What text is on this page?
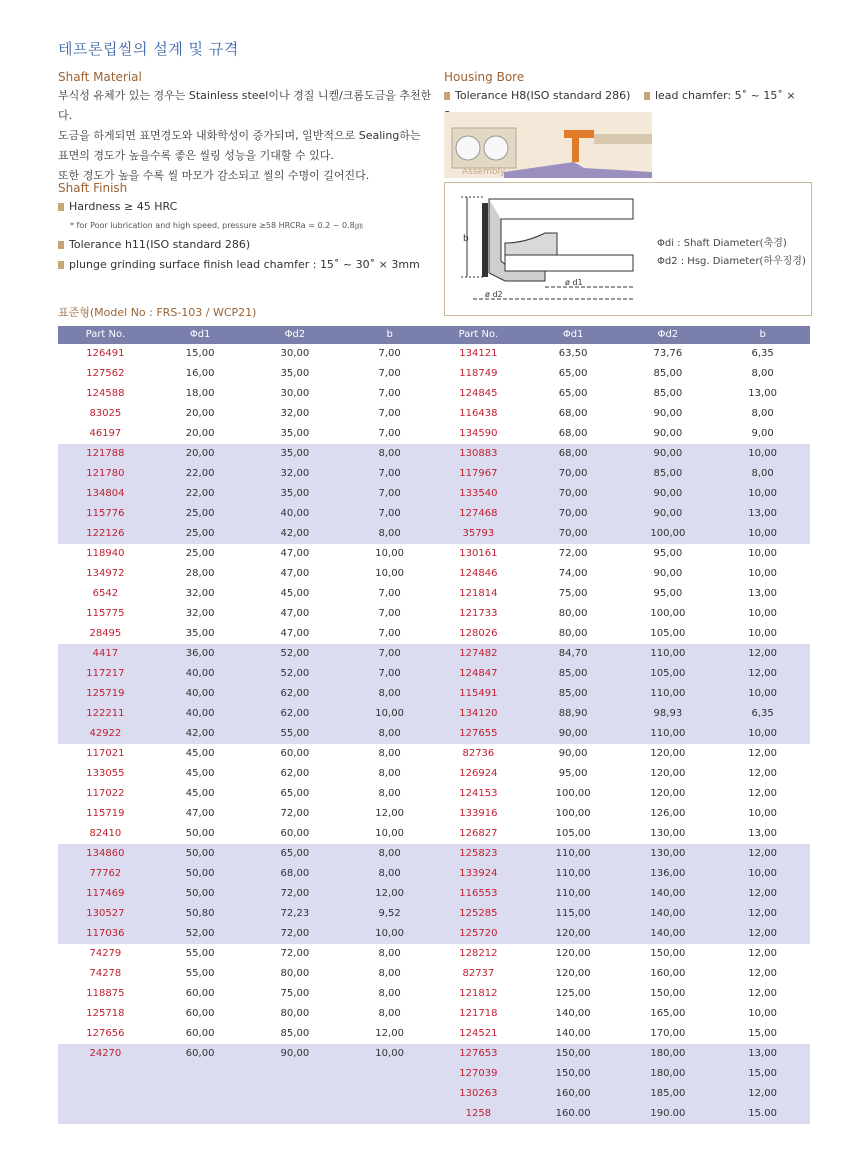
테프론립씰의 설계 및 규격
Shaft Material
부식성 유체가 있는 경우는 Stainless steel이나 경질 니켈/크롬도금을 추천한다.
도금을 하게되면 표면경도와 내화학성이 증가되며, 일반적으로 Sealing하는
표면의 경도가 높을수록 좋은 씰링 성능을 기대할 수 있다.
또한 경도가 높을 수록 씰 마모가 감소되고 씰의 수명이 길어진다.
Shaft Finish
Hardness ≥ 45 HRC
* for Poor lubrication and high speed, pressure ≥58 HRCRa = 0.2 ~ 0.8㎛
Tolerance h11(ISO standard 286)
plunge grinding surface finish lead chamfer : 15˚ ~ 30˚ × 3mm
Housing Bore
Tolerance H8(ISO standard 286) lead chamfer: 5˚ ~ 15˚ ×
Assembly
b
ø d1
ø d2
Φdi : Shaft Diameter(축경)
Φd2 : Hsg. Diameter(하우징경)
표준형(Model No : FRS-103 / WCP21)
Part No.	Φd1	Φd2	b
126491	15,00	30,00	7,00
127562	16,00	35,00	7,00
124588	18,00	30,00	7,00
83025	20,00	32,00	7,00
46197	20,00	35,00	7,00
121788	20,00	35,00	8,00
121780	22,00	32,00	7,00
134804	22,00	35,00	7,00
115776	25,00	40,00	7,00
122126	25,00	42,00	8,00
118940	25,00	47,00	10,00
134972	28,00	47,00	10,00
6542	32,00	45,00	7,00
115775	32,00	47,00	7,00
28495	35,00	47,00	7,00
4417	36,00	52,00	7,00
117217	40,00	52,00	7,00
125719	40,00	62,00	8,00
122211	40,00	62,00	10,00
42922	42,00	55,00	8,00
117021	45,00	60,00	8,00
133055	45,00	62,00	8,00
117022	45,00	65,00	8,00
115719	47,00	72,00	12,00
82410	50,00	60,00	10,00
134860	50,00	65,00	8,00
77762	50,00	68,00	8,00
117469	50,00	72,00	12,00
130527	50,80	72,23	9,52
117036	52,00	72,00	10,00
74279	55,00	72,00	8,00
74278	55,00	80,00	8,00
118875	60,00	75,00	8,00
125718	60,00	80,00	8,00
127656	60,00	85,00	12,00
24270	60,00	90,00	10,00
Part No.	Φd1	Φd2	b
134121	63,50	73,76	6,35
118749	65,00	85,00	8,00
124845	65,00	85,00	13,00
116438	68,00	90,00	8,00
134590	68,00	90,00	9,00
130883	68,00	90,00	10,00
117967	70,00	85,00	8,00
133540	70,00	90,00	10,00
127468	70,00	90,00	13,00
35793	70,00	100,00	10,00
130161	72,00	95,00	10,00
124846	74,00	90,00	10,00
121814	75,00	95,00	13,00
121733	80,00	100,00	10,00
128026	80,00	105,00	10,00
127482	84,70	110,00	12,00
124847	85,00	105,00	12,00
115491	85,00	110,00	10,00
134120	88,90	98,93	6,35
127655	90,00	110,00	10,00
82736	90,00	120,00	12,00
126924	95,00	120,00	12,00
124153	100,00	120,00	12,00
133916	100,00	126,00	10,00
126827	105,00	130,00	13,00
125823	110,00	130,00	12,00
133924	110,00	136,00	10,00
116553	110,00	140,00	12,00
125285	115,00	140,00	12,00
125720	120,00	140,00	12,00
128212	120,00	150,00	12,00
82737	120,00	160,00	12,00
121812	125,00	150,00	12,00
121718	140,00	165,00	10,00
124521	140,00	170,00	15,00
127653	150,00	180,00	13,00
127039	150,00	180,00	15,00
130263	160,00	185,00	12,00
1258	160.00	190.00	15.00
